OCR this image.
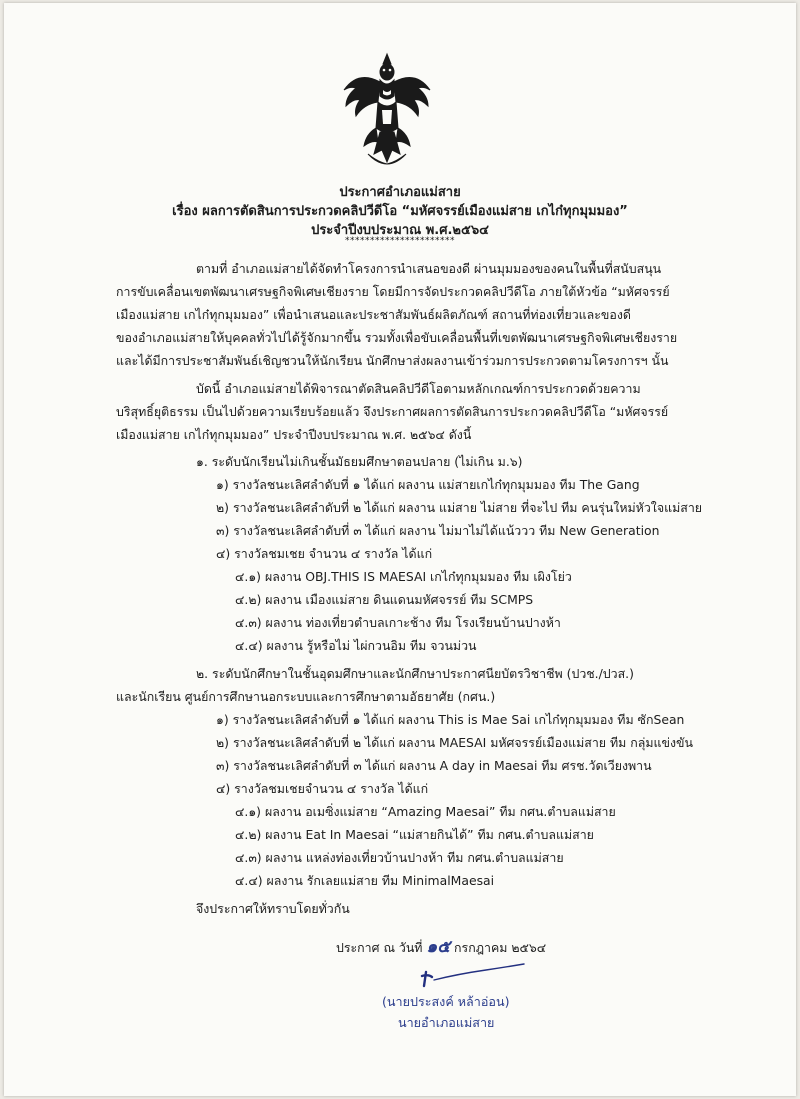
ประกาศอำเภอแม่สาย
เรื่อง ผลการตัดสินการประกวดคลิปวีดีโอ “มหัศจรรย์เมืองแม่สาย เกไก๋ทุกมุมมอง”
ประจำปีงบประมาณ พ.ศ.๒๕๖๔
**********************
ตามที่ อำเภอแม่สายได้จัดทำโครงการนำเสนอของดี ผ่านมุมมองของคนในพื้นที่สนับสนุน
การขับเคลื่อนเขตพัฒนาเศรษฐกิจพิเศษเชียงราย โดยมีการจัดประกวดคลิปวีดีโอ ภายใต้หัวข้อ “มหัศจรรย์
เมืองแม่สาย เกไก๋ทุกมุมมอง” เพื่อนำเสนอและประชาสัมพันธ์ผลิตภัณฑ์ สถานที่ท่องเที่ยวและของดี
ของอำเภอแม่สายให้บุคคลทั่วไปได้รู้จักมากขึ้น รวมทั้งเพื่อขับเคลื่อนพื้นที่เขตพัฒนาเศรษฐกิจพิเศษเชียงราย
และได้มีการประชาสัมพันธ์เชิญชวนให้นักเรียน นักศึกษาส่งผลงานเข้าร่วมการประกวดตามโครงการฯ นั้น
บัดนี้ อำเภอแม่สายได้พิจารณาตัดสินคลิปวีดีโอตามหลักเกณฑ์การประกวดด้วยความ
บริสุทธิ์ยุติธรรม เป็นไปด้วยความเรียบร้อยแล้ว จึงประกาศผลการตัดสินการประกวดคลิปวีดีโอ “มหัศจรรย์
เมืองแม่สาย เกไก๋ทุกมุมมอง” ประจำปีงบประมาณ พ.ศ. ๒๕๖๔ ดังนี้
๑. ระดับนักเรียนไม่เกินชั้นมัธยมศึกษาตอนปลาย (ไม่เกิน ม.๖)
๑) รางวัลชนะเลิศลำดับที่ ๑ ได้แก่ ผลงาน แม่สายเกไก๋ทุกมุมมอง ทีม The Gang
๒) รางวัลชนะเลิศลำดับที่ ๒ ได้แก่ ผลงาน แม่สาย ไม่สาย ที่จะไป ทีม คนรุ่นใหม่หัวใจแม่สาย
๓) รางวัลชนะเลิศลำดับที่ ๓ ได้แก่ ผลงาน ไม่มาไม่ได้แน้ววว ทีม New Generation
๔) รางวัลชมเชย จำนวน ๔ รางวัล ได้แก่
๔.๑) ผลงาน OBJ.THIS IS MAESAI เกไก๋ทุกมุมมอง ทีม เผิงโย่ว
๔.๒) ผลงาน เมืองแม่สาย ดินแดนมหัศจรรย์ ทีม SCMPS
๔.๓) ผลงาน ท่องเที่ยวตำบลเกาะช้าง ทีม โรงเรียนบ้านปางห้า
๔.๔) ผลงาน รู้หรือไม่ ไผ่กวนอิม ทีม จวนม่วน
๒. ระดับนักศึกษาในชั้นอุดมศึกษาและนักศึกษาประกาศนียบัตรวิชาชีพ (ปวช./ปวส.)
และนักเรียน ศูนย์การศึกษานอกระบบและการศึกษาตามอัธยาศัย (กศน.)
๑) รางวัลชนะเลิศลำดับที่ ๑ ได้แก่ ผลงาน This is Mae Sai เกไก๋ทุกมุมมอง ทีม ซักSean
๒) รางวัลชนะเลิศลำดับที่ ๒ ได้แก่ ผลงาน MAESAI มหัศจรรย์เมืองแม่สาย ทีม กลุ่มแข่งขัน
๓) รางวัลชนะเลิศลำดับที่ ๓ ได้แก่ ผลงาน A day in Maesai ทีม ศรช.วัดเวียงพาน
๔) รางวัลชมเชยจำนวน ๔ รางวัล ได้แก่
๔.๑) ผลงาน อเมซิ่งแม่สาย “Amazing Maesai” ทีม กศน.ตำบลแม่สาย
๔.๒) ผลงาน Eat In Maesai “แม่สายกินได้” ทีม กศน.ตำบลแม่สาย
๔.๓) ผลงาน แหล่งท่องเที่ยวบ้านปางห้า ทีม กศน.ตำบลแม่สาย
๔.๔) ผลงาน รักเลยแม่สาย ทีม MinimalMaesai
จึงประกาศให้ทราบโดยทั่วกัน
ประกาศ ณ วันที่ ๑๕ กรกฎาคม ๒๕๖๔
(นายประสงค์ หล้าอ่อน)
นายอำเภอแม่สาย
